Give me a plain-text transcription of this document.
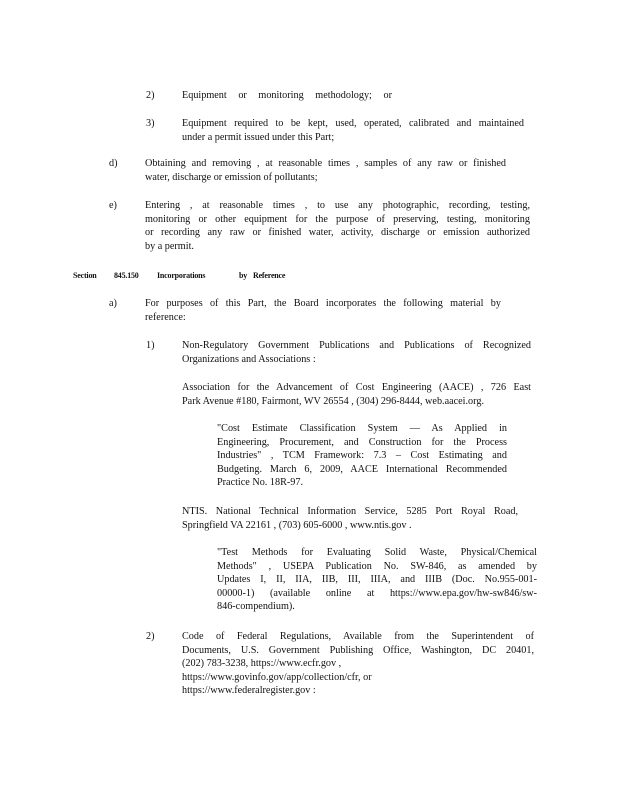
2)	Equipment or monitoring methodology; or
3)	Equipment required to be kept, used, operated, calibrated and maintained
under a permit issued under this Part;
d)	Obtaining and removing , at reasonable times , samples of any raw or finished
water, discharge or emission of pollutants;
e)	Entering , at reasonable times , to use any photographic, recording, testing,
monitoring or other equipment for the purpose of preserving, testing, monitoring
or recording any raw or finished water, activity, discharge or emission authorized
by a permit.
Section 845.150 Incorporations	by Reference
a)	For purposes of this Part, the Board incorporates the following material by
reference:
1)	Non-Regulatory Government Publications and Publications of Recognized
Organizations and Associations :
Association for the Advancement of Cost Engineering (AACE) , 726 East
Park Avenue #180, Fairmont, WV 26554 , (304) 296-8444, web.aacei.org.
"Cost Estimate Classification System — As Applied in
Engineering, Procurement, and Construction for the Process
Industries" , TCM Framework: 7.3 – Cost Estimating and
Budgeting. March 6, 2009, AACE International Recommended
Practice No. 18R-97.
NTIS. National Technical Information Service, 5285 Port Royal Road,
Springfield VA 22161 , (703) 605-6000 , www.ntis.gov .
"Test Methods for Evaluating Solid Waste, Physical/Chemical
Methods" , USEPA Publication No. SW-846, as amended by
Updates I, II, IIA, IIB, III, IIIA, and IIIB (Doc. No.955-001-
00000-1) (available online at https://www.epa.gov/hw-sw846/sw-
846-compendium).
2)	Code of Federal Regulations, Available from the Superintendent of
Documents, U.S. Government Publishing Office, Washington, DC 20401,
(202) 783-3238, https://www.ecfr.gov ,
https://www.govinfo.gov/app/collection/cfr, or
https://www.federalregister.gov :
